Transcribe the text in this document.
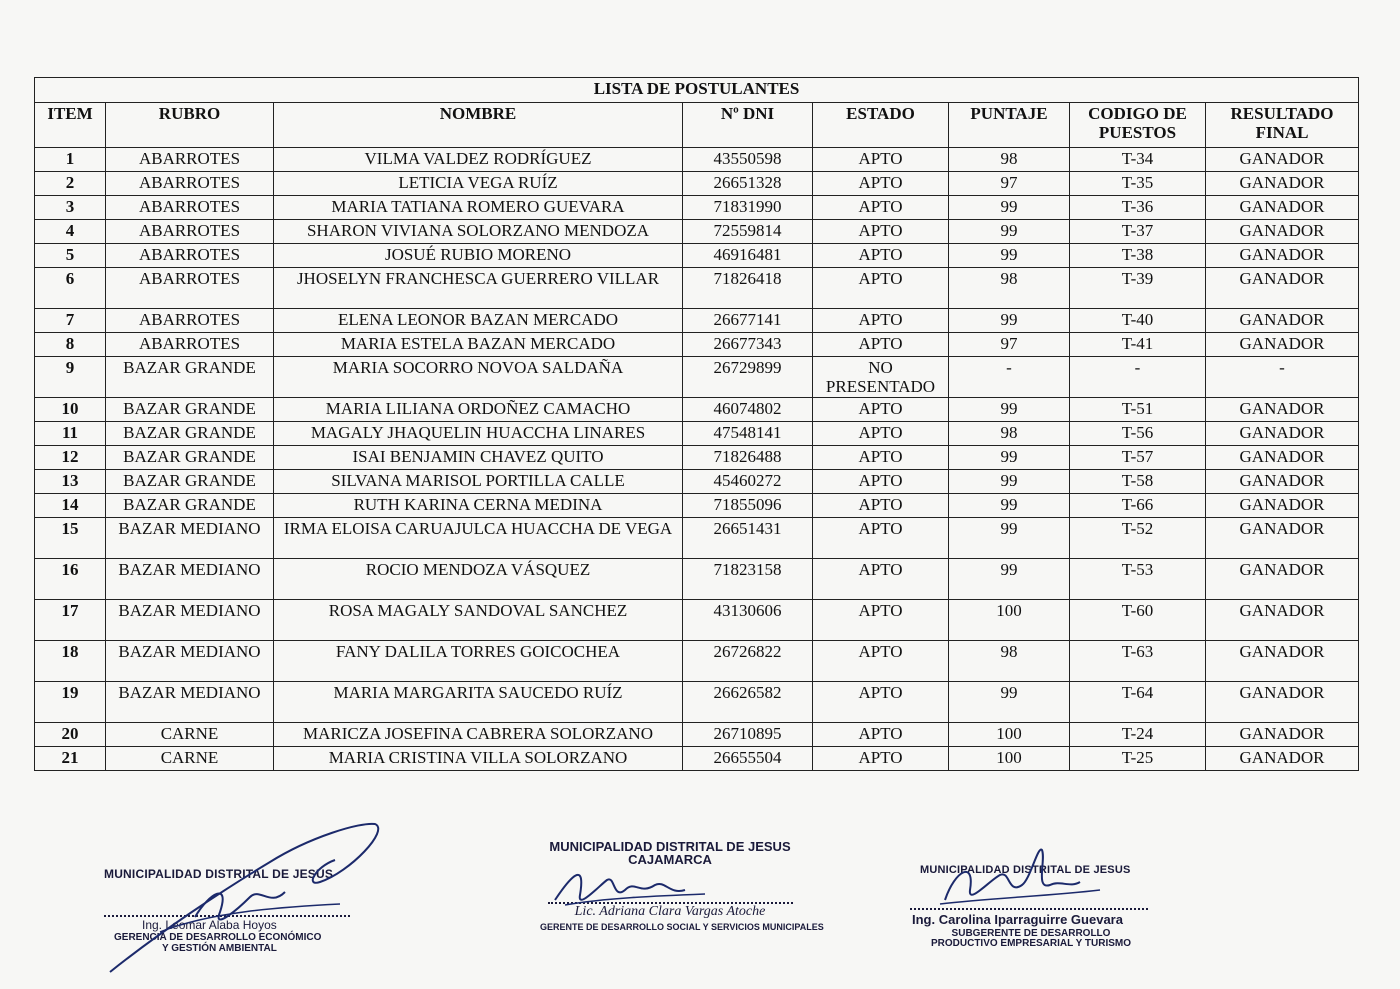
LISTA DE POSTULANTES							
ITEM	RUBRO	NOMBRE	Nº DNI	ESTADO	PUNTAJE	CODIGO DE PUESTOS	RESULTADO FINAL
1	ABARROTES	VILMA VALDEZ RODRÍGUEZ	43550598	APTO	98	T-34	GANADOR
2	ABARROTES	LETICIA VEGA RUÍZ	26651328	APTO	97	T-35	GANADOR
3	ABARROTES	MARIA TATIANA ROMERO GUEVARA	71831990	APTO	99	T-36	GANADOR
4	ABARROTES	SHARON VIVIANA SOLORZANO MENDOZA	72559814	APTO	99	T-37	GANADOR
5	ABARROTES	JOSUÉ RUBIO MORENO	46916481	APTO	99	T-38	GANADOR
6	ABARROTES	JHOSELYN FRANCHESCA GUERRERO VILLAR	71826418	APTO	98	T-39	GANADOR
7	ABARROTES	ELENA LEONOR BAZAN MERCADO	26677141	APTO	99	T-40	GANADOR
8	ABARROTES	MARIA ESTELA BAZAN MERCADO	26677343	APTO	97	T-41	GANADOR
9	BAZAR GRANDE	MARIA SOCORRO NOVOA SALDAÑA	26729899	NO PRESENTADO	-	-	-
10	BAZAR GRANDE	MARIA LILIANA ORDOÑEZ CAMACHO	46074802	APTO	99	T-51	GANADOR
11	BAZAR GRANDE	MAGALY JHAQUELIN HUACCHA LINARES	47548141	APTO	98	T-56	GANADOR
12	BAZAR GRANDE	ISAI BENJAMIN CHAVEZ QUITO	71826488	APTO	99	T-57	GANADOR
13	BAZAR GRANDE	SILVANA MARISOL PORTILLA CALLE	45460272	APTO	99	T-58	GANADOR
14	BAZAR GRANDE	RUTH KARINA CERNA MEDINA	71855096	APTO	99	T-66	GANADOR
15	BAZAR MEDIANO	IRMA ELOISA CARUAJULCA HUACCHA DE VEGA	26651431	APTO	99	T-52	GANADOR
16	BAZAR MEDIANO	ROCIO MENDOZA VÁSQUEZ	71823158	APTO	99	T-53	GANADOR
17	BAZAR MEDIANO	ROSA MAGALY SANDOVAL SANCHEZ	43130606	APTO	100	T-60	GANADOR
18	BAZAR MEDIANO	FANY DALILA TORRES GOICOCHEA	26726822	APTO	98	T-63	GANADOR
19	BAZAR MEDIANO	MARIA MARGARITA SAUCEDO RUÍZ	26626582	APTO	99	T-64	GANADOR
20	CARNE	MARICZA JOSEFINA CABRERA SOLORZANO	26710895	APTO	100	T-24	GANADOR
21	CARNE	MARIA CRISTINA VILLA SOLORZANO	26655504	APTO	100	T-25	GANADOR
MUNICIPALIDAD DISTRITAL DE JESUS
Ing. Leomar Alaba Hoyos
GERENCIA DE DESARROLLO ECONÓMICO
Y GESTIÓN AMBIENTAL
MUNICIPALIDAD DISTRITAL DE JESUS
CAJAMARCA
Lic. Adriana Clara Vargas Atoche
GERENTE DE DESARROLLO SOCIAL Y SERVICIOS MUNICIPALES
MUNICIPALIDAD DISTRITAL DE JESUS
Ing. Carolina Iparraguirre Guevara
SUBGERENTE DE DESARROLLO
PRODUCTIVO EMPRESARIAL Y TURISMO
